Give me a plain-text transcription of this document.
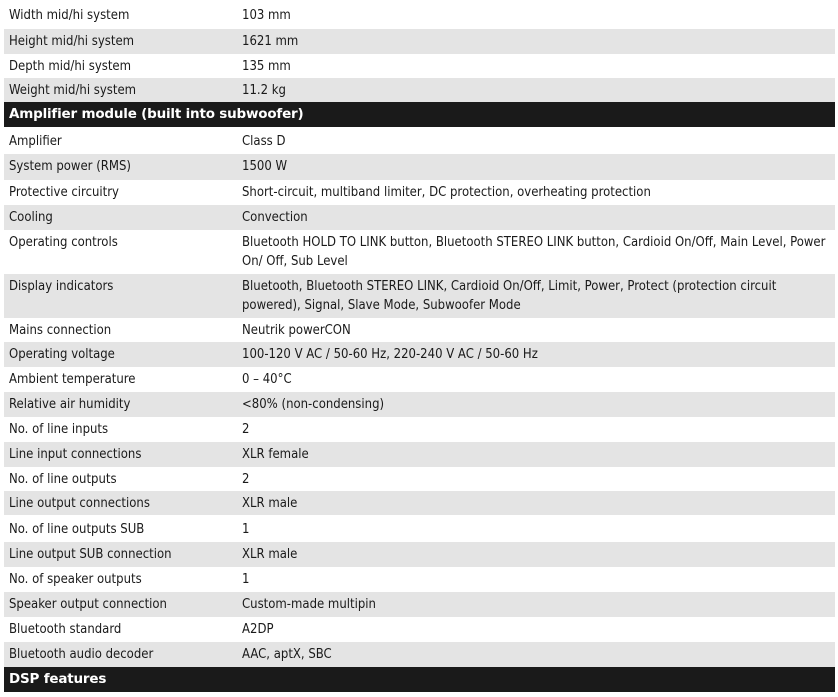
Width mid/hi system	103 mm
Height mid/hi system	1621 mm
Depth mid/hi system	135 mm
Weight mid/hi system	11.2 kg
Amplifier module (built into subwoofer)
Amplifier	Class D
System power (RMS)	1500 W
Protective circuitry	Short-circuit, multiband limiter, DC protection, overheating protection
Cooling	Convection
Operating controls	Bluetooth HOLD TO LINK button, Bluetooth STEREO LINK button, Cardioid On/Off, Main Level, Power On/ Off, Sub Level
Display indicators	Bluetooth, Bluetooth STEREO LINK, Cardioid On/Off, Limit, Power, Protect (protection circuit powered), Signal, Slave Mode, Subwoofer Mode
Mains connection	Neutrik powerCON
Operating voltage	100-120 V AC / 50-60 Hz, 220-240 V AC / 50-60 Hz
Ambient temperature	0 – 40°C
Relative air humidity	<80% (non-condensing)
No. of line inputs	2
Line input connections	XLR female
No. of line outputs	2
Line output connections	XLR male
No. of line outputs SUB	1
Line output SUB connection	XLR male
No. of speaker outputs	1
Speaker output connection	Custom-made multipin
Bluetooth standard	A2DP
Bluetooth audio decoder	AAC, aptX, SBC
DSP features
